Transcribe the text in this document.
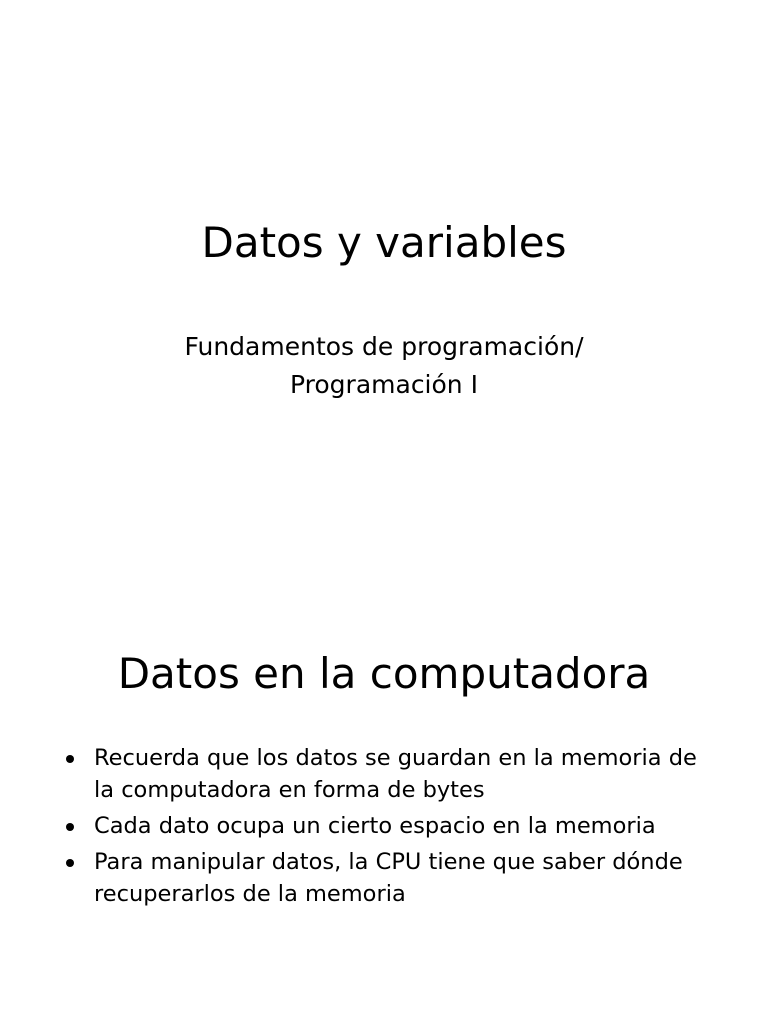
Datos y variables
Fundamentos de programación/
Programación I
Datos en la computadora
Recuerda que los datos se guardan en la memoria de la computadora en forma de bytes
Cada dato ocupa un cierto espacio en la memoria
Para manipular datos, la CPU tiene que saber dónde recuperarlos de la memoria
